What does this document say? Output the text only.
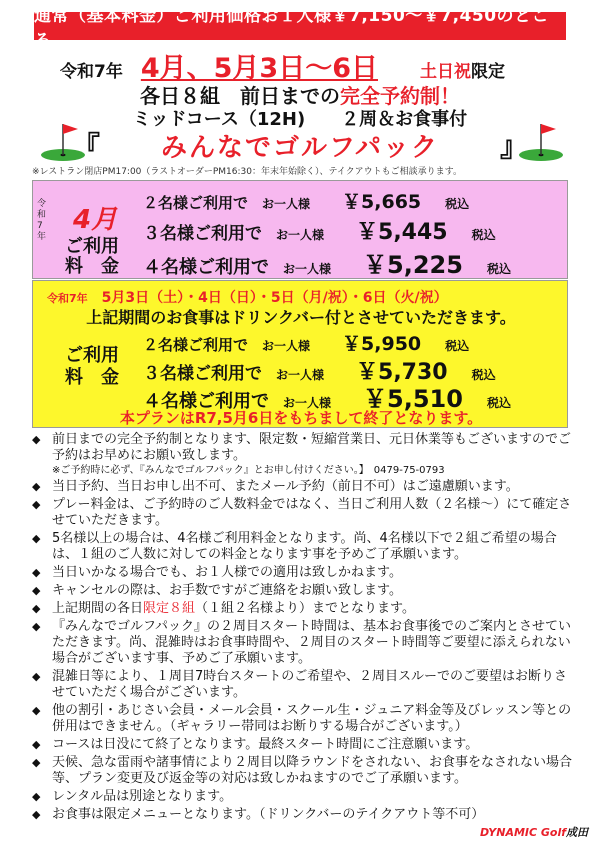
通常（基本料金）ご利用価格お１人様￥7,150〜￥7,450のところ
令和7年 4月、5月3日〜6日 土日祝 限定
各日８組　前日までの完全予約制！
ミッドコース（12H)　　２周＆お食事付
『 みんなでゴルフパック 』
※レストラン閉店PM17:00（ラストオーダーPM16:30：年末年始除く）、テイクアウトもご相談承ります。
令和7年
4月
ご利用
料　金
２名様ご利用で お一人様 ￥5,665 税込
３名様ご利用で お一人様 ￥5,445 税込
４名様ご利用で お一人様 ￥5,225 税込
令和7年 5月3日（土）・4日（日）・5日（月/祝）・6日（火/祝）
上記期間のお食事はドリンクバー付とさせていただきます。
ご利用
料　金
２名様ご利用で お一人様 ￥5,950 税込
３名様ご利用で お一人様 ￥5,730 税込
４名様ご利用で お一人様 ￥5,510 税込
本プランはR7,5月6日をもちまして終了となります。
◆ 前日までの完全予約制となります、限定数・短縮営業日、元日休業等もございますのでご予約はお早めにお願い致します。
※ご予約時に必ず、『みんなでゴルフパック』とお申し付けください。】　0479-75-0793
◆ 当日予約、当日お申し出不可、またメール予約（前日不可）はご遠慮願います。
◆ プレー料金は、ご予約時のご人数料金ではなく、当日ご利用人数（２名様〜）にて確定させていただきます。
◆ 5名様以上の場合は、4名様ご利用料金となります。尚、4名様以下で２組ご希望の場合は、１組のご人数に対しての料金となります事を予めご了承願います。
◆ 当日いかなる場合でも、お１人様での適用は致しかねます。
◆ キャンセルの際は、お手数ですがご連絡をお願い致します。
◆ 上記期間の各日限定８組（１組２名様より）までとなります。
◆ 『みんなでゴルフパック』の２周目スタート時間は、基本お食事後でのご案内とさせていただきます。尚、混雑時はお食事時間や、２周目のスタート時間等ご要望に添えられない場合がございます事、予めご了承願います。
◆ 混雑日等により、１周目7時台スタートのご希望や、２周目スルーでのご要望はお断りさせていただく場合がございます。
◆ 他の割引・あじさい会員・メール会員・スクール生・ジュニア料金等及びレッスン等との併用はできません。（ギャラリー帯同はお断りする場合がございます。）
◆ コースは日没にて終了となります。最終スタート時間にご注意願います。
◆ 天候、急な雷雨や諸事情により２周目以降ラウンドをされない、お食事をなされない場合等、プラン変更及び返金等の対応は致しかねますのでご了承願います。
◆ レンタル品は別途となります。
◆ お食事は限定メニューとなります。（ドリンクバーのテイクアウト等不可）
DYNAMIC Golf成田
